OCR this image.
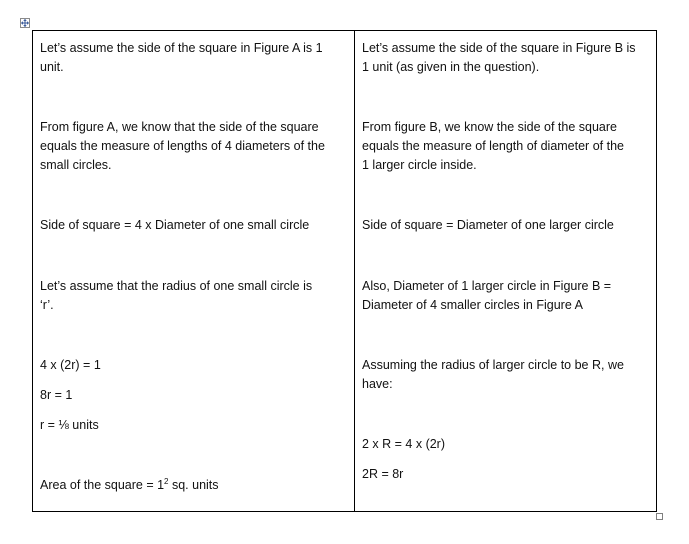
Let’s assume the side of the square in Figure A is 1
unit.
From figure A, we know that the side of the square
equals the measure of lengths of 4 diameters of the
small circles.
Side of square = 4 x Diameter of one small circle
Let’s assume that the radius of one small circle is
‘r’.
4 x (2r) = 1
8r = 1
r = ⅛ units
Area of the square = $1^2$ sq. units
Let’s assume the side of the square in Figure B is
1 unit (as given in the question).
From figure B, we know the side of the square
equals the measure of length of diameter of the
1 larger circle inside.
Side of square = Diameter of one larger circle
Also, Diameter of 1 larger circle in Figure B =
Diameter of 4 smaller circles in Figure A
Assuming the radius of larger circle to be R, we
have:
2 x R = 4 x (2r)
2R = 8r
